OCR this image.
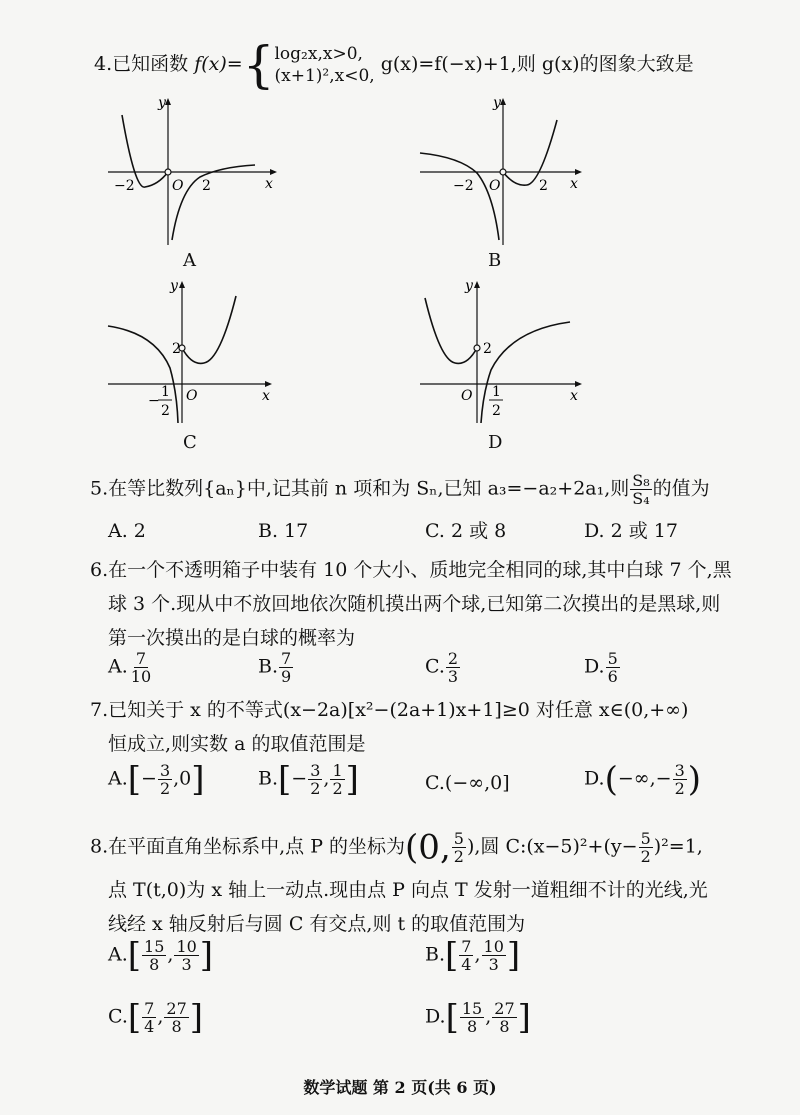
4.已知函数 f(x)={ log₂x,x>0,
(x+1)²,x<0,
g(x)=f(−x)+1,则 g(x)的图象大致是
y
x
−2	O 2
A
y
x
−2 O	2
B
y
x
2
O
−
1
2
C
y
x
2
O 1
2
D
5.在等比数列{aₙ}中,记其前 n 项和为 Sₙ,已知 a₃=−a₂+2a₁,则 $\frac{\text{S₈}}{\text{S₄}}$ 的值为
A. 2	B. 17	C. 2 或 8	D. 2 或 17
6.在一个不透明箱子中装有 10 个大小、质地完全相同的球,其中白球 7 个,黑
球 3 个.现从中不放回地依次随机摸出两个球,已知第二次摸出的是黑球,则
第一次摸出的是白球的概率为
A. $\frac{7}{10}$	B. $\frac{7}{9}$	C. $\frac{2}{3}$	D. $\frac{5}{6}$
7.已知关于 x 的不等式(x−2a)[x²−(2a+1)x+1]≥0 对任意 x∈(0,+∞)
恒成立,则实数 a 的取值范围是
$A.[- \frac{3}{2} ,0]$	$B.[- \frac{3}{2}$ , $\frac{1}{2}$ ]	C.(−∞,0]	$D.(-\infty,- \frac{3}{2}$ )
8.在平面直角坐标系中,点 P 的坐标为(0, $\frac{5}{2}$ ),圆 C:(x−5)²+(y− $\frac{5}{2} )^2=1$,
点 T(t,0)为 x 轴上一动点.现由点 P 向点 T 发射一道粗细不计的光线,光
线经 x 轴反射后与圆 C 有交点,则 t 的取值范围为
$A.[ \frac{15}{8}$ , $\frac{10}{3}$ ]	$B.[ \frac{7}{4}$ , $\frac{10}{3}$ ]
$C.[ \frac{7}{4}$ , $\frac{27}{8}$ ]	$D.[ \frac{15}{8}$ , $\frac{27}{8}$ ]
数学试题 第 2 页(共 6 页)
